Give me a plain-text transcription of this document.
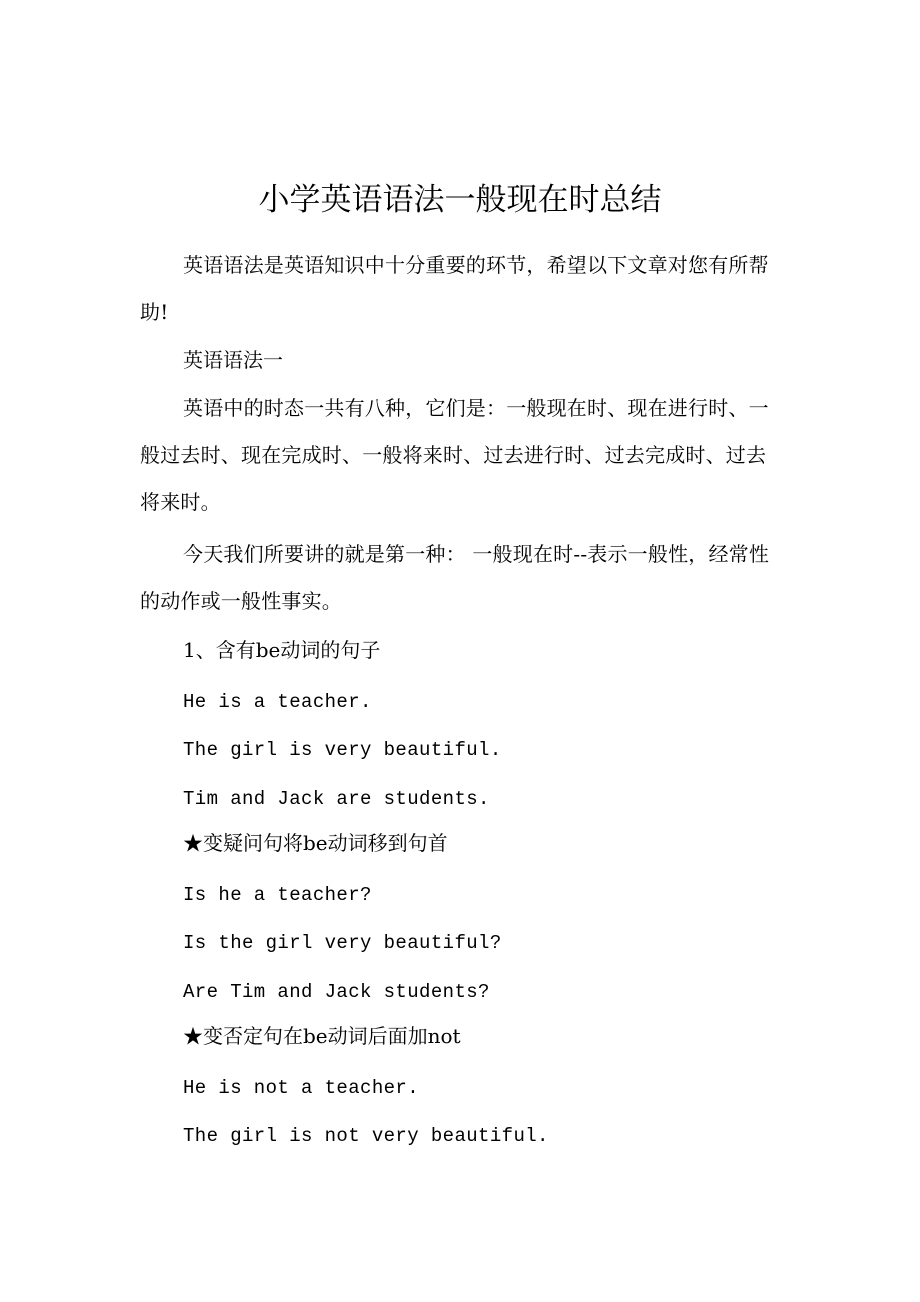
小学英语语法一般现在时总结

英语语法是英语知识中十分重要的环节，希望以下文章对您有所帮助!

英语语法一

英语中的时态一共有八种，它们是：一般现在时、现在进行时、一般过去时、现在完成时、一般将来时、过去进行时、过去完成时、过去将来时。

今天我们所要讲的就是第一种： 一般现在时--表示一般性，经常性的动作或一般性事实。

1、含有be动词的句子

He is a teacher.

The girl is very beautiful.

Tim and Jack are students.

★变疑问句将be动词移到句首

Is he a teacher?

Is the girl very beautiful?

Are Tim and Jack students?

★变否定句在be动词后面加not

He is not a teacher.

The girl is not very beautiful.
